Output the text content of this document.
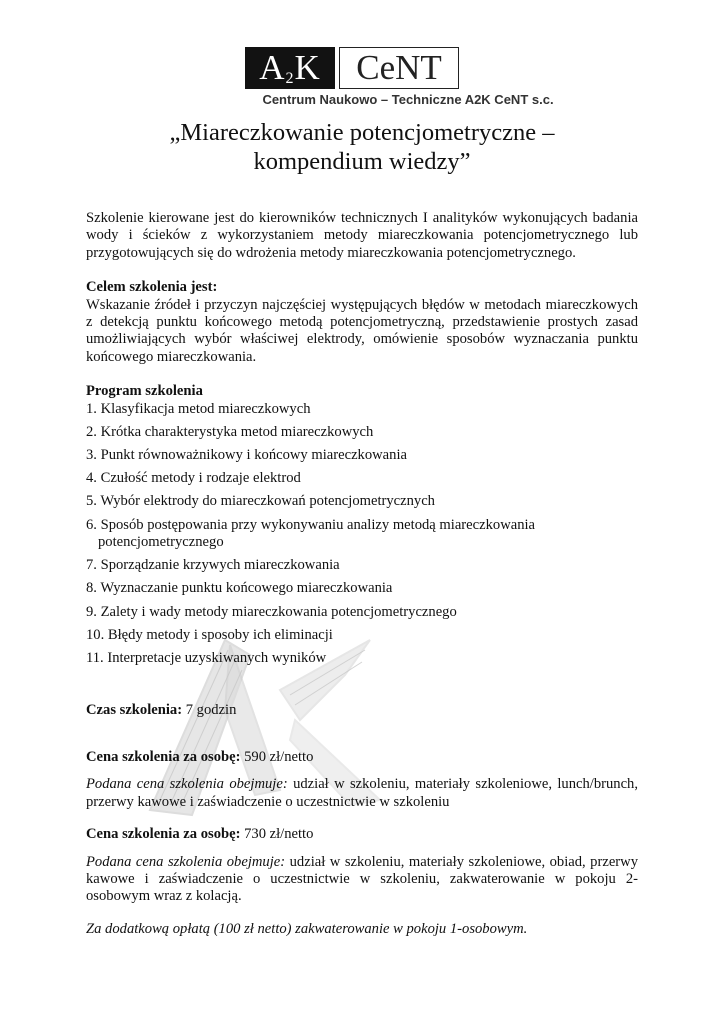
$A_2K$	CeNT
Centrum Naukowo – Techniczne A2K CeNT s.c.
„Miareczkowanie potencjometryczne –
kompendium wiedzy”

Szkolenie kierowane jest do kierowników technicznych I analityków wykonujących badania wody i ścieków z wykorzystaniem metody miareczkowania potencjometrycznego lub przygotowujących się do wdrożenia metody miareczkowania potencjometrycznego.

Celem szkolenia jest:

Wskazanie źródeł i przyczyn najczęściej występujących błędów w metodach miareczkowych z detekcją punktu końcowego metodą potencjometryczną, przedstawienie prostych zasad umożliwiających wybór właściwej elektrody, omówienie sposobów wyznaczania punktu końcowego miareczkowania.

Program szkolenia

1. Klasyfikacja metod miareczkowych
2. Krótka charakterystyka metod miareczkowych
3. Punkt równoważnikowy i końcowy miareczkowania
4. Czułość metody i rodzaje elektrod
5. Wybór elektrody do miareczkowań potencjometrycznych
6. Sposób postępowania przy wykonywaniu analizy metodą miareczkowania
potencjometrycznego
7. Sporządzanie krzywych miareczkowania
8. Wyznaczanie punktu końcowego miareczkowania
9. Zalety i wady metody miareczkowania potencjometrycznego
10. Błędy metody i sposoby ich eliminacji
11. Interpretacje uzyskiwanych wyników

Czas szkolenia: 7 godzin

Cena szkolenia za osobę: 590 zł/netto

Podana cena szkolenia obejmuje: udział w szkoleniu, materiały szkoleniowe, lunch/brunch, przerwy kawowe i zaświadczenie o uczestnictwie w szkoleniu

Cena szkolenia za osobę: 730 zł/netto

Podana cena szkolenia obejmuje: udział w szkoleniu, materiały szkoleniowe, obiad, przerwy kawowe i zaświadczenie o uczestnictwie w szkoleniu, zakwaterowanie w pokoju 2-osobowym wraz z kolacją.

Za dodatkową opłatą (100 zł netto) zakwaterowanie w pokoju 1-osobowym.
